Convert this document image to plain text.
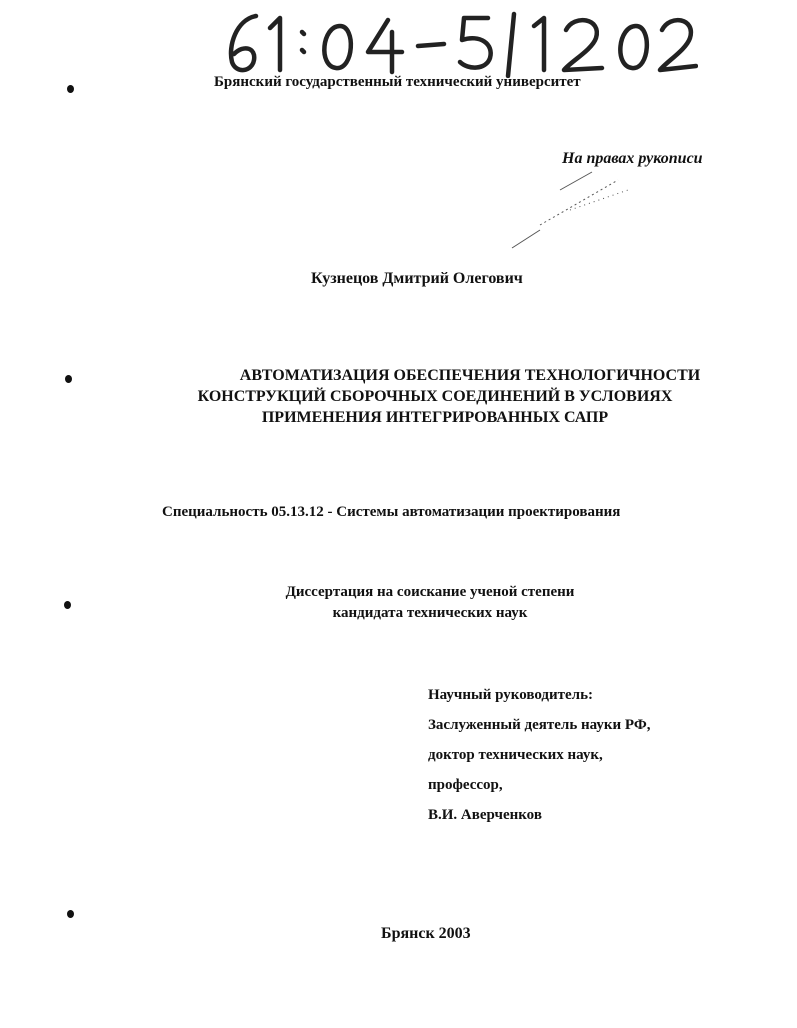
Брянский государственный технический университет

На правах рукописи

Кузнецов Дмитрий Олегович

АВТОМАТИЗАЦИЯ ОБЕСПЕЧЕНИЯ ТЕХНОЛОГИЧНОСТИ
КОНСТРУКЦИЙ СБОРОЧНЫХ СОЕДИНЕНИЙ В УСЛОВИЯХ
ПРИМЕНЕНИЯ ИНТЕГРИРОВАННЫХ САПР

Специальность 05.13.12 - Системы автоматизации проектирования

Диссертация на соискание ученой степени
кандидата технических наук
Научный руководитель:
Заслуженный деятель науки РФ,
доктор технических наук,
профессор,
В.И. Аверченков

Брянск 2003
